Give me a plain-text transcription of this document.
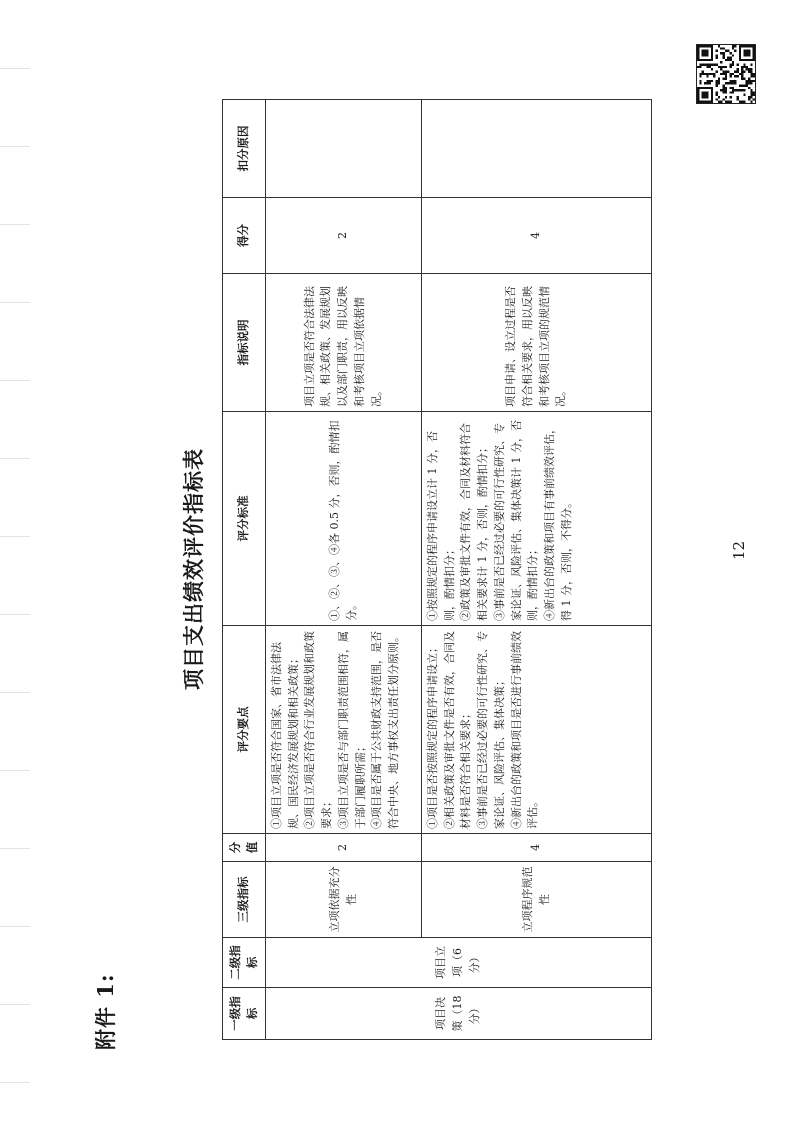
附件 1:
项目支出绩效评价指标表
一级指标	二级指标	三级指标	分值	评分要点	评分标准	指标说明	得分	扣分原因
项目决策（18分）	项目立项（6分）	立项依据充分性	2	①项目立项是否符合国家、省市法律法规、国民经济发展规划和相关政策； ②项目立项是否符合行业发展规划和政策要求； ③项目立项是否与部门职责范围相符，属于部门履职所需； ④项目是否属于公共财政支持范围，是否符合中央、地方事权支出责任划分原则。	①、②、③、④各 0.5 分，否则，酌情扣分。	项目立项是否符合法律法规、相关政策、发展规划以及部门职责，用以反映和考核项目立项依据情况。	2	
		立项程序规范性	4	①项目是否按照规定的程序申请设立； ②相关政策及审批文件是否有效，合同及材料是否符合相关要求； ③事前是否已经过必要的可行性研究、专家论证、风险评估、集体决策； ④新出台的政策和项目是否进行事前绩效评估。	①按照规定的程序申请设立计 1 分，否则，酌情扣分； ②政策及审批文件有效，合同及材料符合相关要求计 1 分，否则，酌情扣分； ③事前是否已经过必要的可行性研究、专家论证、风险评估、集体决策计 1 分，否则，酌情扣分； ④新出台的政策和项目有事前绩效评估，得 1 分，否则，不得分。	项目申请、设立过程是否符合相关要求，用以反映和考核项目立项的规范情况。	4	
12
